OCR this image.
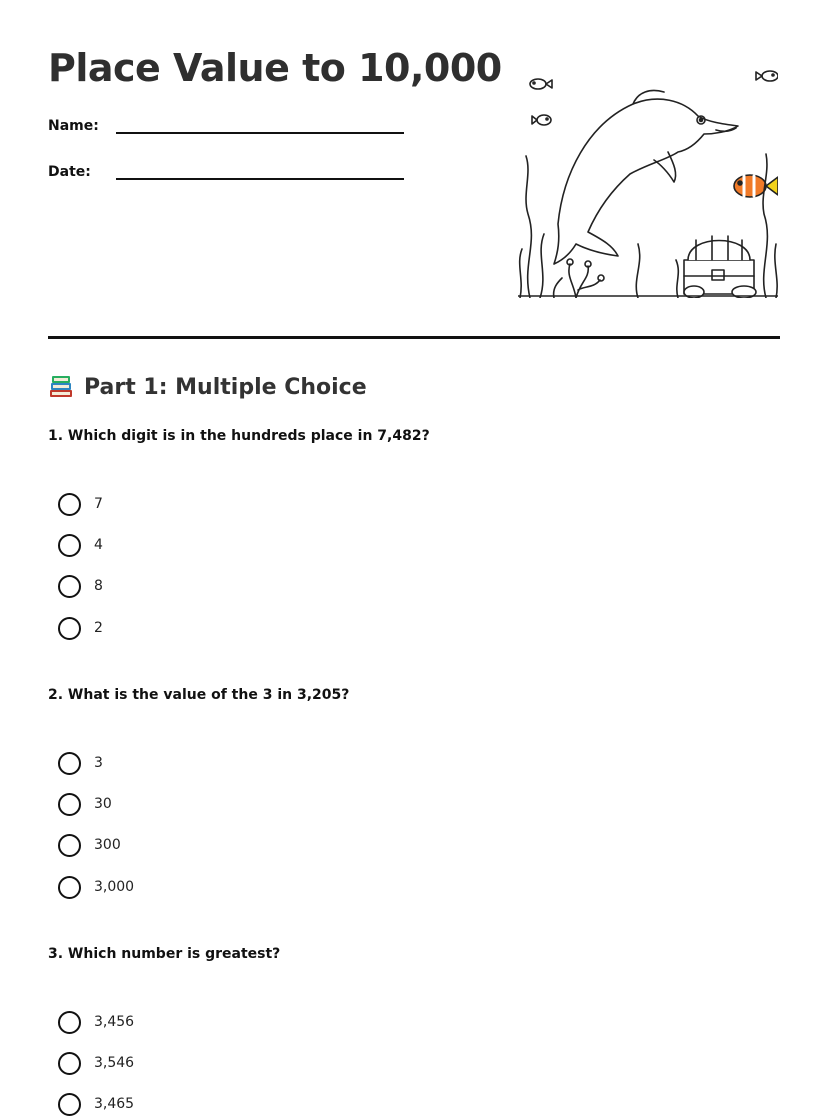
Place Value to 10,000
Name:
Date:
Part 1: Multiple Choice
1. Which digit is in the hundreds place in 7,482?
7
4
8
2
2. What is the value of the 3 in 3,205?
3
30
300
3,000
3. Which number is greatest?
3,456
3,546
3,465
